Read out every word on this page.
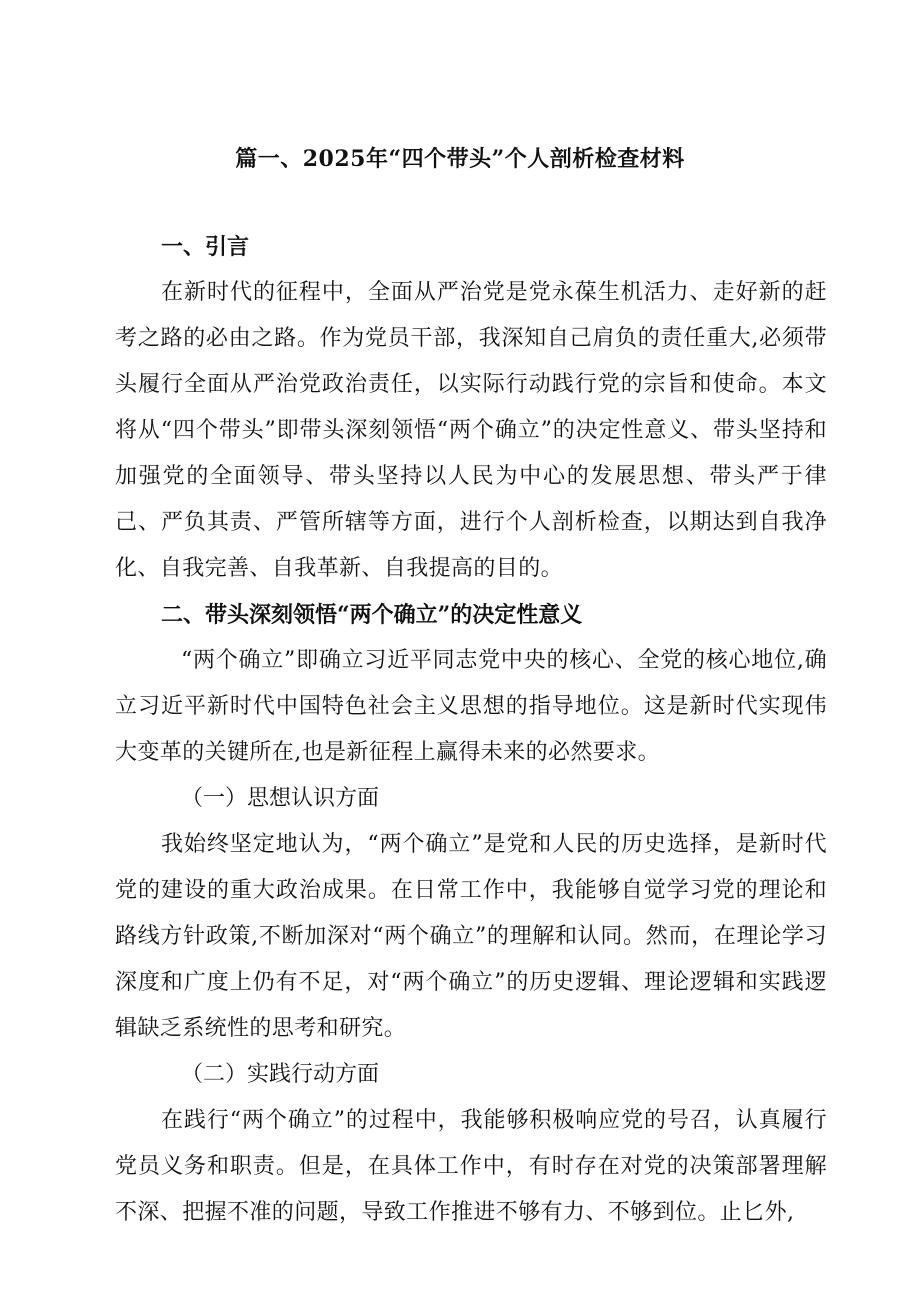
篇一、2025年“四个带头”个人剖析检查材料

一、引言

在新时代的征程中，全面从严治党是党永葆生机活力、走好新的赶考之路的必由之路。作为党员干部，我深知自己肩负的责任重大,必须带头履行全面从严治党政治责任，以实际行动践行党的宗旨和使命。本文将从“四个带头”即带头深刻领悟“两个确立”的决定性意义、带头坚持和加强党的全面领导、带头坚持以人民为中心的发展思想、带头严于律己、严负其责、严管所辖等方面，进行个人剖析检查，以期达到自我净化、自我完善、自我革新、自我提高的目的。

二、带头深刻领悟“两个确立”的决定性意义

“两个确立”即确立习近平同志党中央的核心、全党的核心地位,确立习近平新时代中国特色社会主义思想的指导地位。这是新时代实现伟大变革的关键所在,也是新征程上赢得未来的必然要求。

（一）思想认识方面

我始终坚定地认为，“两个确立”是党和人民的历史选择，是新时代党的建设的重大政治成果。在日常工作中，我能够自觉学习党的理论和路线方针政策,不断加深对“两个确立”的理解和认同。然而，在理论学习深度和广度上仍有不足，对“两个确立”的历史逻辑、理论逻辑和实践逻辑缺乏系统性的思考和研究。

（二）实践行动方面

在践行“两个确立”的过程中，我能够积极响应党的号召，认真履行党员义务和职责。但是，在具体工作中，有时存在对党的决策部署理解不深、把握不准的问题，导致工作推进不够有力、不够到位。止匕外,
